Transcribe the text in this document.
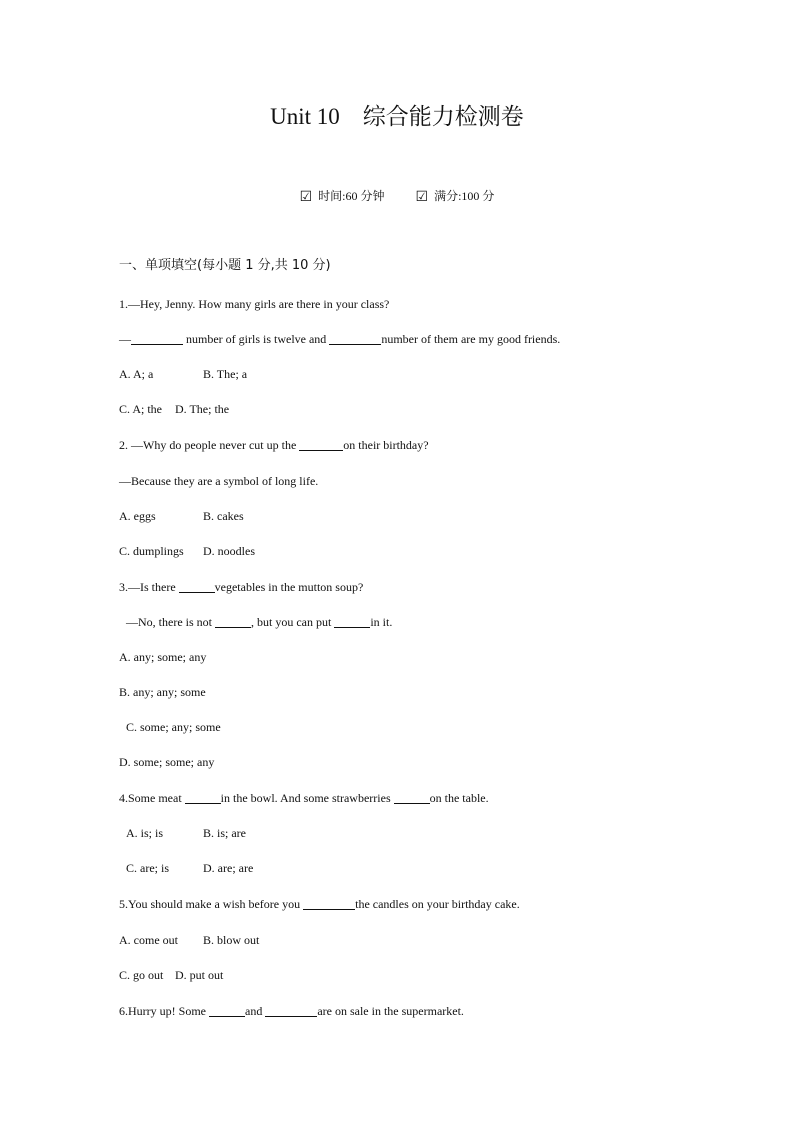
Unit 10    综合能力检测卷
☑ 时间:60 分钟 ☑ 满分:100 分
一、单项填空(每小题 1 分,共 10 分)
1.—Hey, Jenny. How many girls are there in your class?
—	number of girls is twelve and	number of them are my good friends.
A. A; a	B. The; a
C. A; the D. The; the
2. —Why do people never cut up the	on their birthday?
—Because they are a symbol of long life.
A. eggs	B. cakes
C. dumplings D. noodles
3.—Is there	vegetables in the mutton soup?
—No, there is not	, but you can put	in it.
A. any; some; any
B. any; any; some
C. some; any; some
D. some; some; any
4.Some meat	in the bowl. And some strawberries	on the table.
A. is; is	B. is; are
C. are; is	D. are; are
5.You should make a wish before you	the candles on your birthday cake.
A. come out B. blow out
C. go out D. put out
6.Hurry up! Some	and	are on sale in the supermarket.
